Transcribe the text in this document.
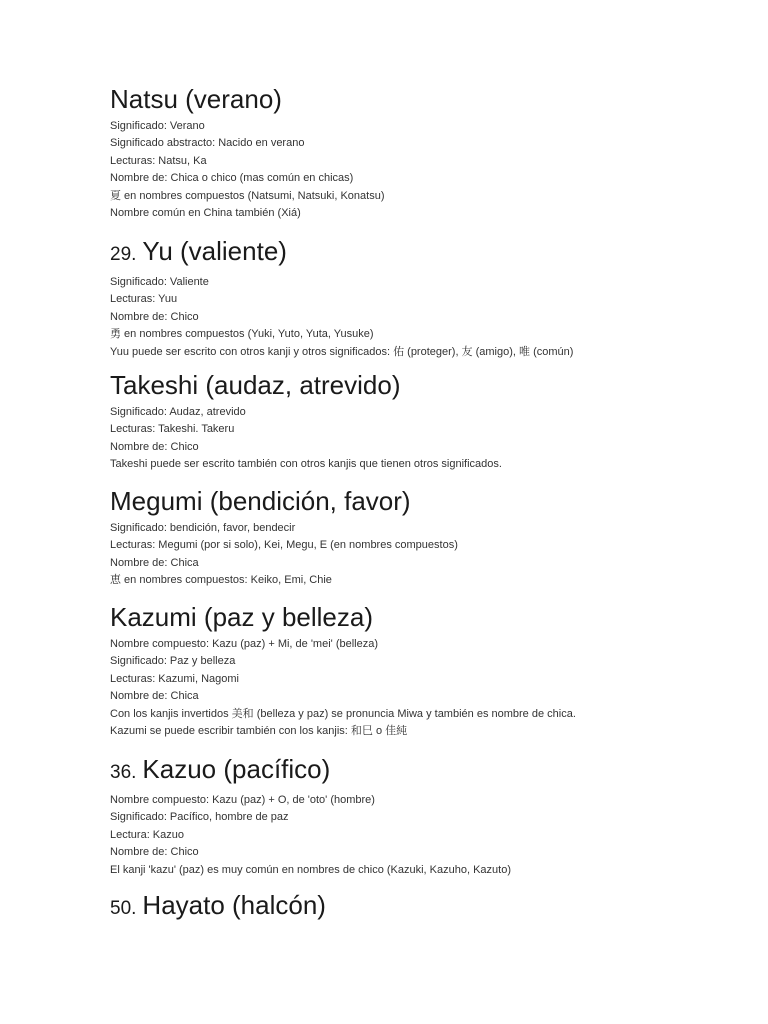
Natsu (verano)
Significado: Verano
Significado abstracto: Nacido en verano
Lecturas: Natsu, Ka
Nombre de: Chica o chico (mas común en chicas)
夏 en nombres compuestos (Natsumi, Natsuki, Konatsu)
Nombre común en China también (Xiá)
29. Yu (valiente)
Significado: Valiente
Lecturas: Yuu
Nombre de: Chico
勇 en nombres compuestos (Yuki, Yuto, Yuta, Yusuke)
Yuu puede ser escrito con otros kanji y otros significados: 佑 (proteger), 友 (amigo), 唯 (común)
Takeshi (audaz, atrevido)
Significado: Audaz, atrevido
Lecturas: Takeshi. Takeru
Nombre de: Chico
Takeshi puede ser escrito también con otros kanjis que tienen otros significados.
Megumi (bendición, favor)
Significado: bendición, favor, bendecir
Lecturas: Megumi (por si solo), Kei, Megu, E (en nombres compuestos)
Nombre de: Chica
恵 en nombres compuestos: Keiko, Emi, Chie
Kazumi (paz y belleza)
Nombre compuesto: Kazu (paz) + Mi, de 'mei' (belleza)
Significado: Paz y belleza
Lecturas: Kazumi, Nagomi
Nombre de: Chica
Con los kanjis invertidos 美和 (belleza y paz) se pronuncia Miwa y también es nombre de chica.
Kazumi se puede escribir también con los kanjis: 和巳 o 佳純
36. Kazuo (pacífico)
Nombre compuesto: Kazu (paz) + O, de 'oto' (hombre)
Significado: Pacífico, hombre de paz
Lectura: Kazuo
Nombre de: Chico
El kanji 'kazu' (paz) es muy común en nombres de chico (Kazuki, Kazuho, Kazuto)
50. Hayato (halcón)
